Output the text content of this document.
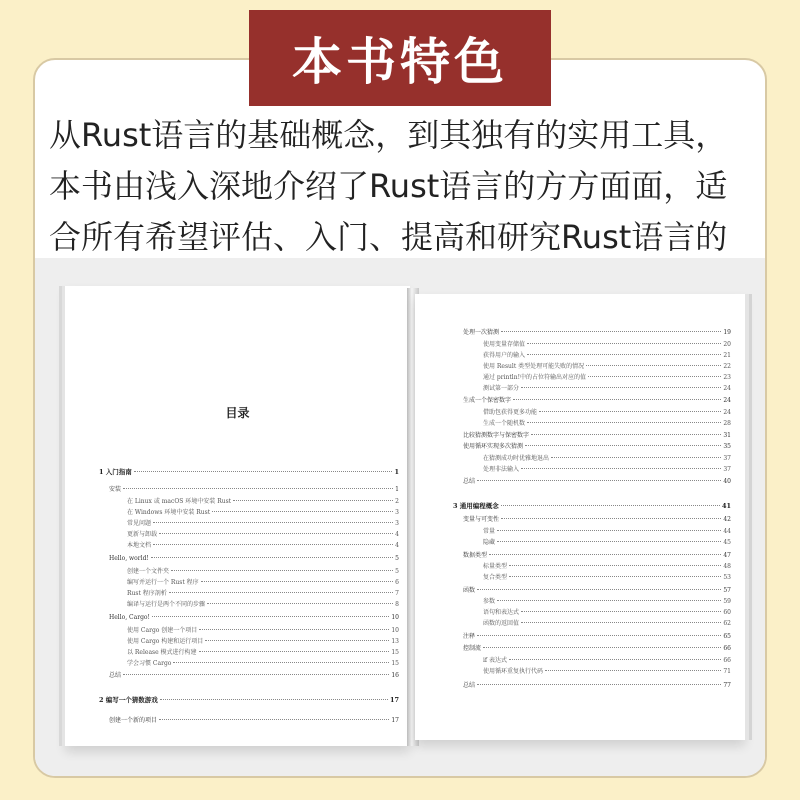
本书特色

从Rust语言的基础概念，到其独有的实用工具，本书由浅入深地介绍了Rust语言的方方面面，适合所有希望评估、入门、提高和研究Rust语言的

目录
1 入门指南	1
安装	1
在 Linux 或 macOS 环境中安装 Rust	2
在 Windows 环境中安装 Rust	3
常见问题	3
更新与卸载	4
本地文档	4
Hello, world!	5
创建一个文件夹	5
编写并运行一个 Rust 程序	6
Rust 程序剖析	7
编译与运行是两个不同的步骤	8
Hello, Cargo!	10
使用 Cargo 创建一个项目	10
使用 Cargo 构建和运行项目	13
以 Release 模式进行构建	15
学会习惯 Cargo	15
总结	16
2 编写一个猜数游戏	17
创建一个新的项目	17
处理一次猜测	19
使用变量存储值	20
获得用户的输入	21
使用 Result 类型处理可能失败的情况	22
通过 println!中的占位符输出对应的值	23
测试第一部分	24
生成一个保密数字	24
借助包获得更多功能	24
生成一个随机数	28
比较猜测数字与保密数字	31
使用循环实现多次猜测	35
在猜测成功时优雅地退出	37
处理非法输入	37
总结	40
3 通用编程概念	41
变量与可变性	42
常量	44
隐藏	45
数据类型	47
标量类型	48
复合类型	53
函数	57
参数	59
语句和表达式	60
函数的返回值	62
注释	65
控制流	66
if 表达式	66
使用循环重复执行代码	71
总结	77
